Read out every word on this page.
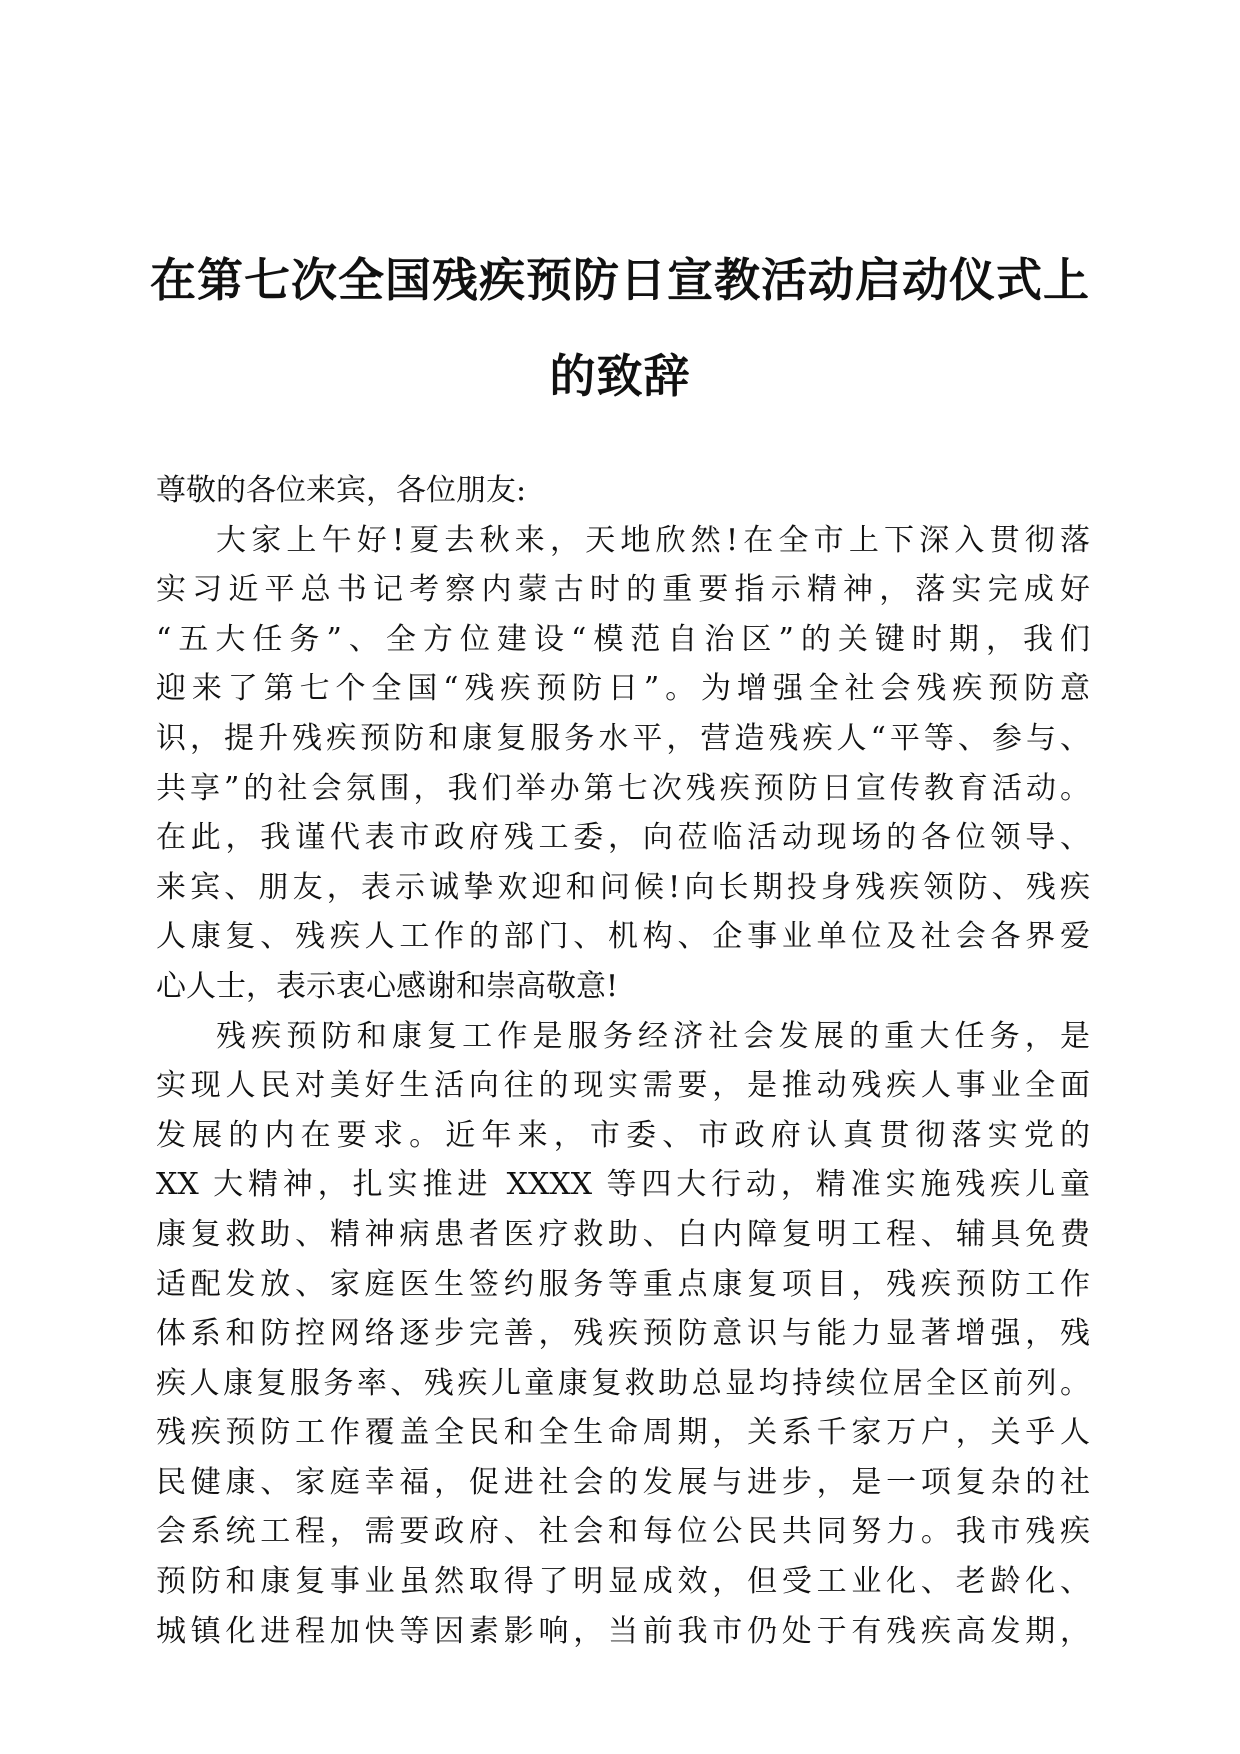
在第七次全国残疾预防日宣教活动启动仪式上
的致辞
尊敬的各位来宾，各位朋友:
大家上午好!夏去秋来，天地欣然!在全市上下深入贯彻落
实习近平总书记考察内蒙古时的重要指示精神，落实完成好
“五大任务”、全方位建设“模范自治区”的关键时期，我们
迎来了第七个全国“残疾预防日”。为增强全社会残疾预防意
识，提升残疾预防和康复服务水平，营造残疾人“平等、参与、
共享”的社会氛围，我们举办第七次残疾预防日宣传教育活动。
在此，我谨代表市政府残工委，向莅临活动现场的各位领导、
来宾、朋友，表示诚挚欢迎和问候!向长期投身残疾领防、残疾
人康复、残疾人工作的部门、机构、企事业单位及社会各界爱
心人士，表示衷心感谢和崇高敬意!
残疾预防和康复工作是服务经济社会发展的重大任务，是
实现人民对美好生活向往的现实需要，是推动残疾人事业全面
发展的内在要求。近年来，市委、市政府认真贯彻落实党的
XX 大精神，扎实推进 XXXX 等四大行动，精准实施残疾儿童
康复救助、精神病患者医疗救助、白内障复明工程、辅具免费
适配发放、家庭医生签约服务等重点康复项目，残疾预防工作
体系和防控网络逐步完善，残疾预防意识与能力显著增强，残
疾人康复服务率、残疾儿童康复救助总显均持续位居全区前列。
残疾预防工作覆盖全民和全生命周期，关系千家万户，关乎人
民健康、家庭幸福，促进社会的发展与进步，是一项复杂的社
会系统工程，需要政府、社会和每位公民共同努力。我市残疾
预防和康复事业虽然取得了明显成效，但受工业化、老龄化、
城镇化进程加快等因素影响，当前我市仍处于有残疾高发期，
